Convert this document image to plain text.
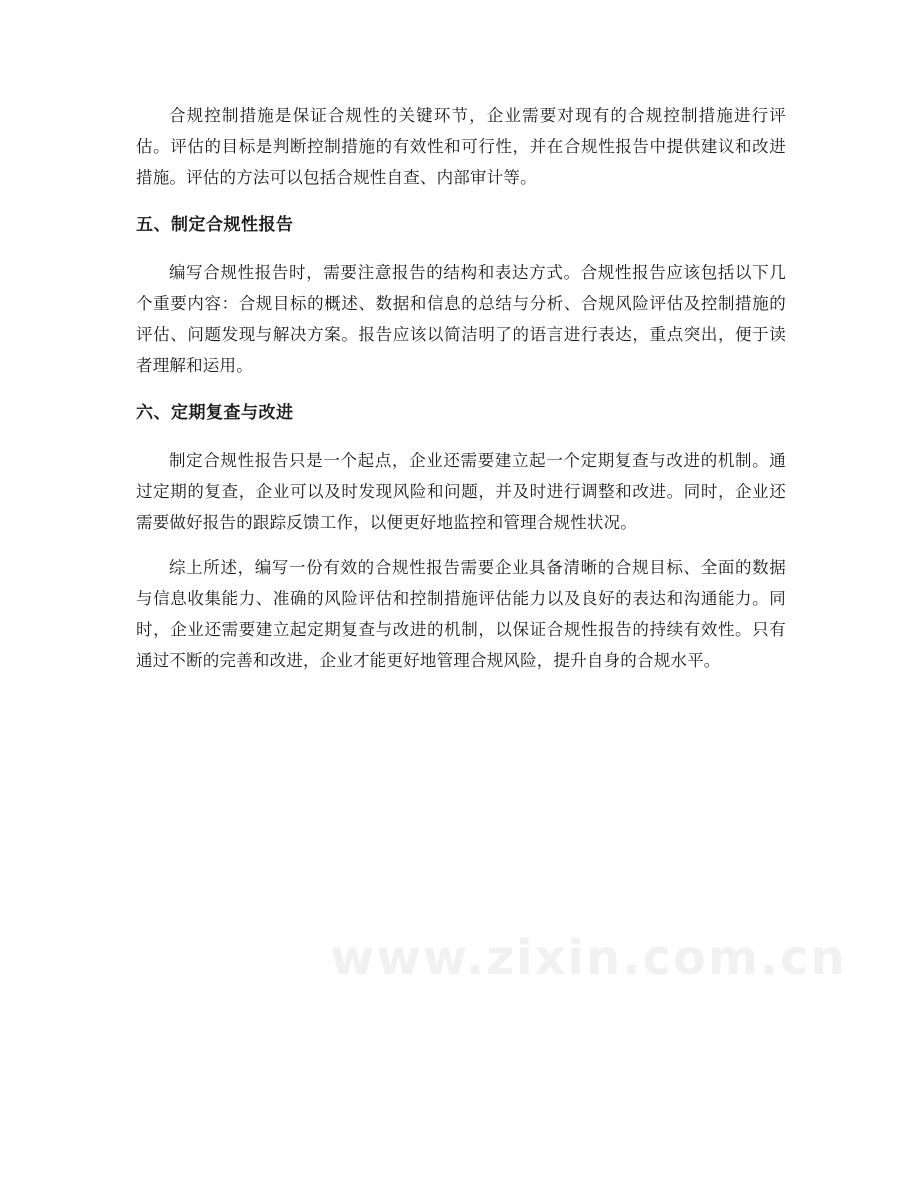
合规控制措施是保证合规性的关键环节，企业需要对现有的合规控制措施进行评估。评估的目标是判断控制措施的有效性和可行性，并在合规性报告中提供建议和改进措施。评估的方法可以包括合规性自查、内部审计等。

五、制定合规性报告

编写合规性报告时，需要注意报告的结构和表达方式。合规性报告应该包括以下几个重要内容：合规目标的概述、数据和信息的总结与分析、合规风险评估及控制措施的评估、问题发现与解决方案。报告应该以简洁明了的语言进行表达，重点突出，便于读者理解和运用。

六、定期复查与改进

制定合规性报告只是一个起点，企业还需要建立起一个定期复查与改进的机制。通过定期的复查，企业可以及时发现风险和问题，并及时进行调整和改进。同时，企业还需要做好报告的跟踪反馈工作，以便更好地监控和管理合规性状况。

综上所述，编写一份有效的合规性报告需要企业具备清晰的合规目标、全面的数据与信息收集能力、准确的风险评估和控制措施评估能力以及良好的表达和沟通能力。同时，企业还需要建立起定期复查与改进的机制，以保证合规性报告的持续有效性。只有通过不断的完善和改进，企业才能更好地管理合规风险，提升自身的合规水平。

www.zixin.com.cn
